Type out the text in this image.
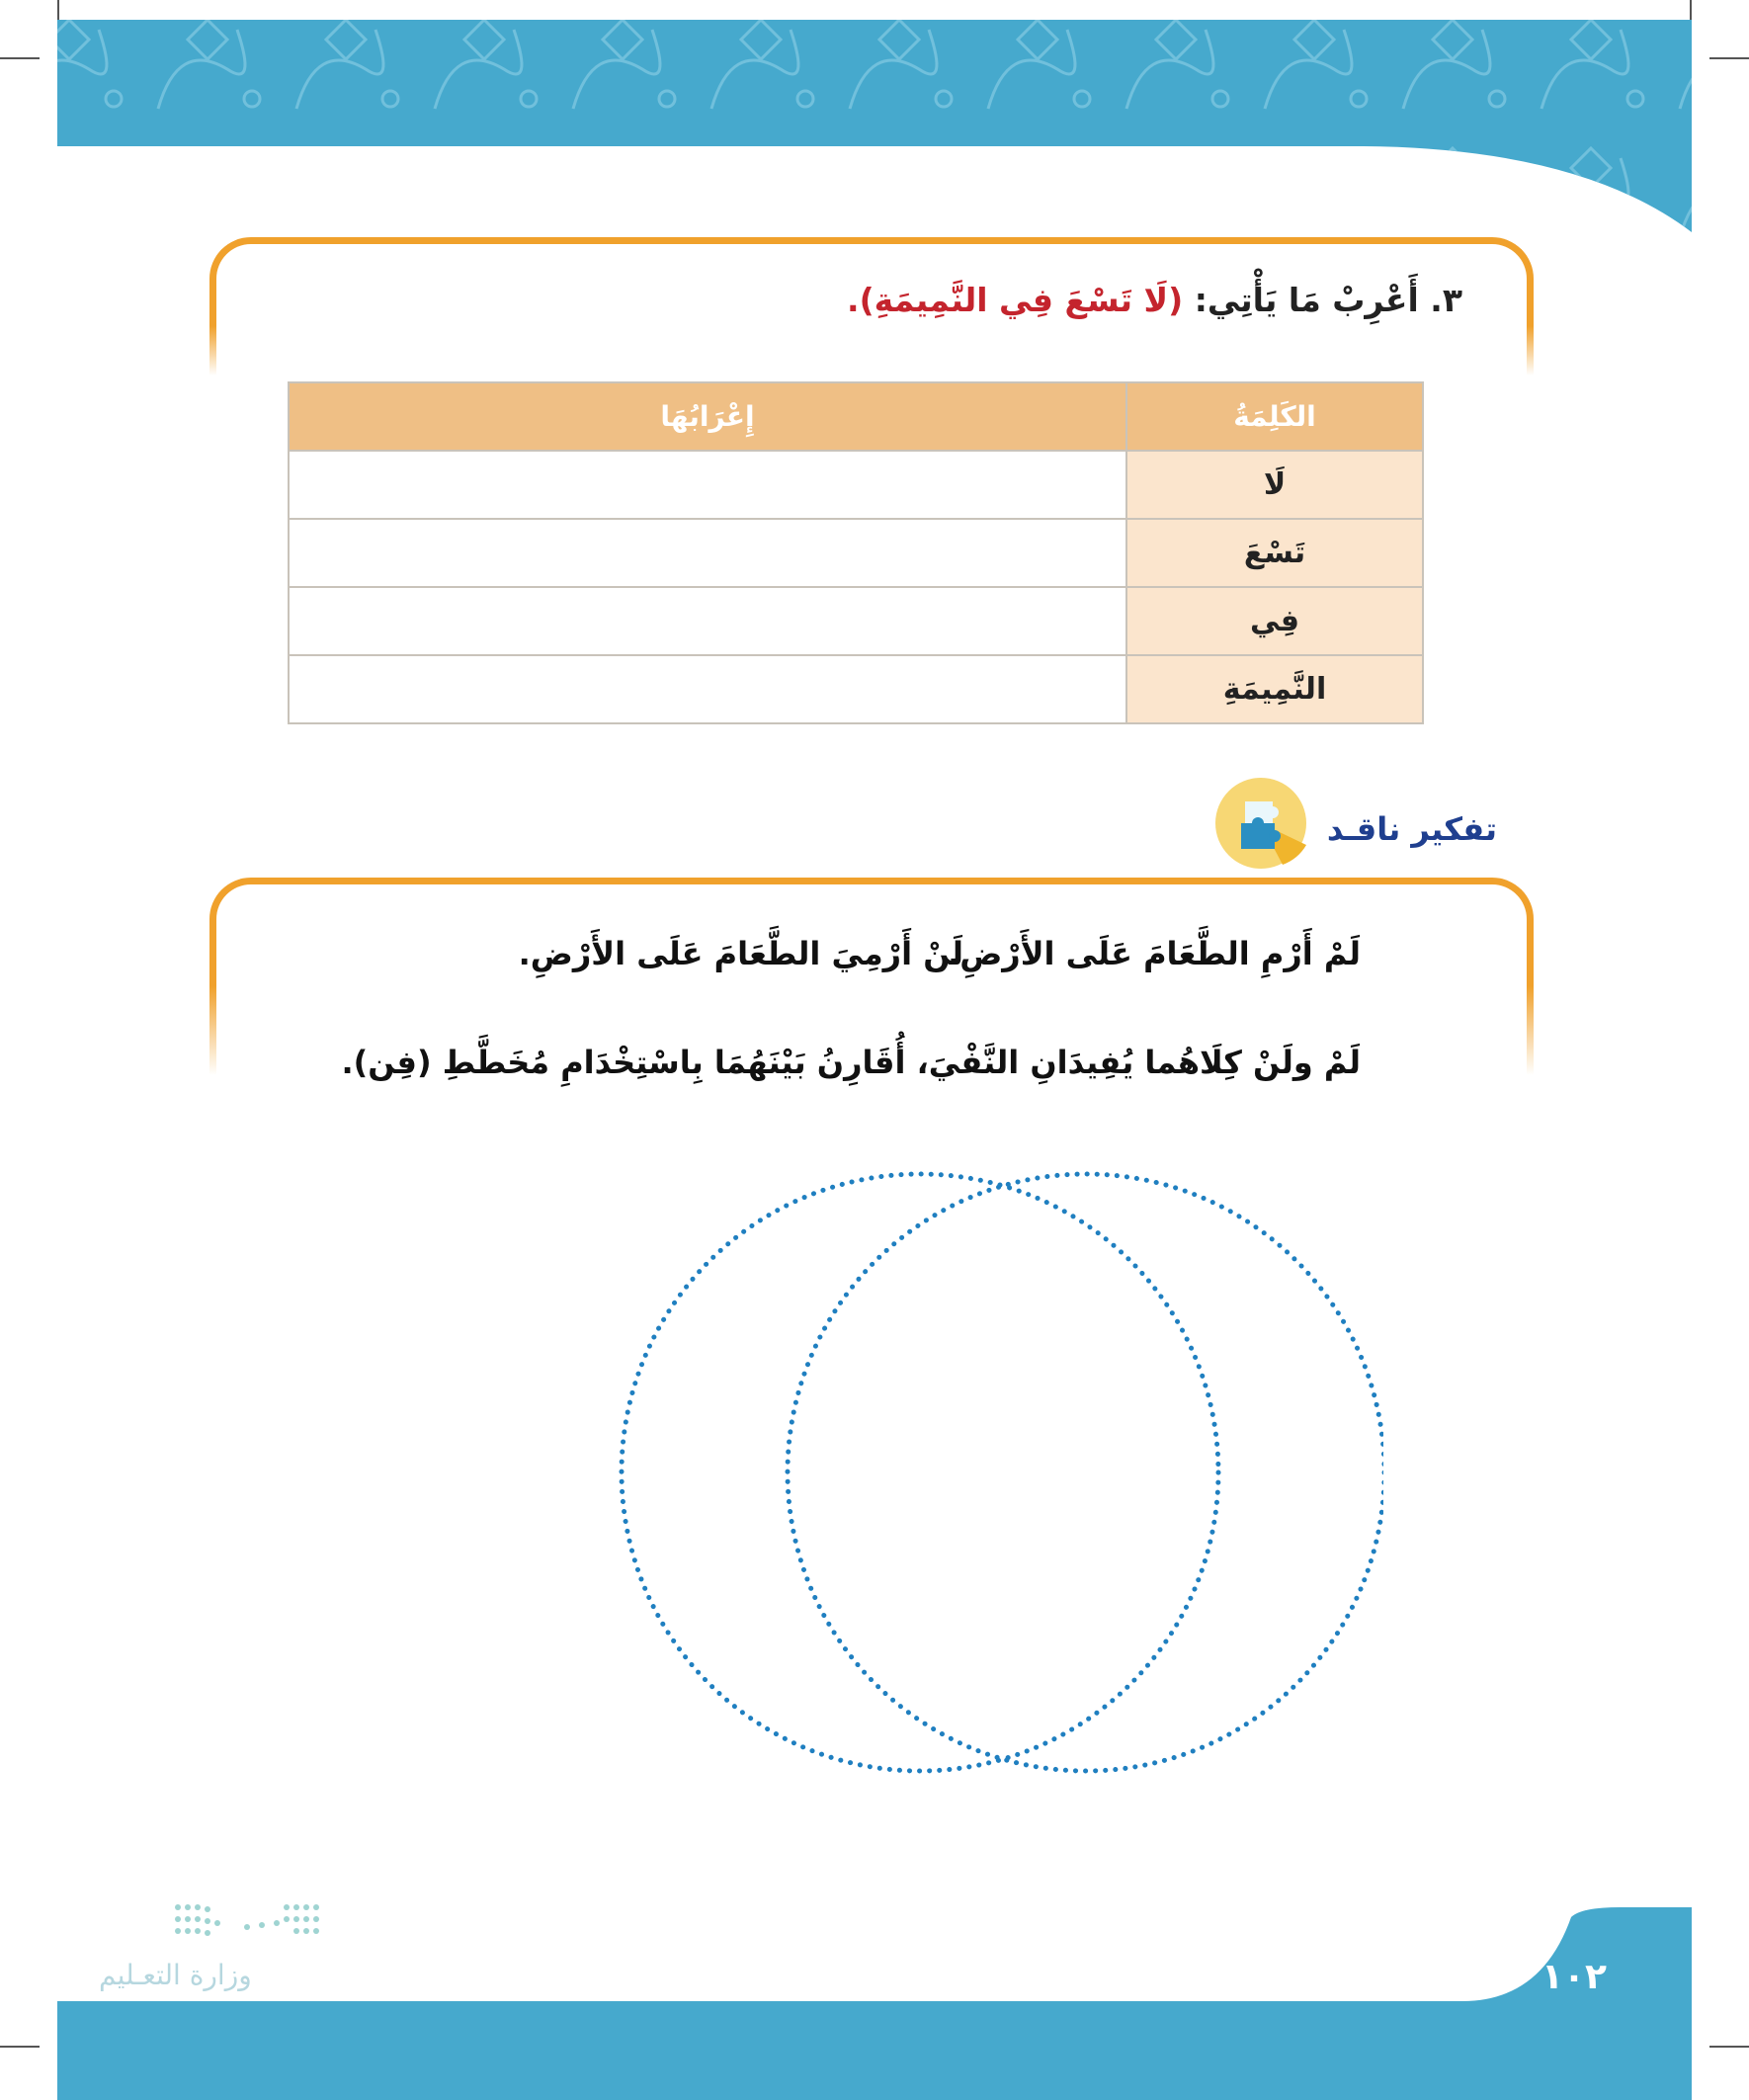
٣. أَعْرِبْ مَا يَأْتِي: (لَا تَسْعَ فِي النَّمِيمَةِ).
الكَلِمَةُ	إِعْرَابُهَا
لَا	
تَسْعَ	
فِي	
النَّمِيمَةِ	
تفكير ناقـد
لَمْ أَرْمِ الطَّعَامَ عَلَى الأَرْضِ.
لَنْ أَرْمِيَ الطَّعَامَ عَلَى الأَرْضِ.
لَمْ ولَنْ كِلَاهُما يُفِيدَانِ النَّفْيَ، أُقَارِنُ بَيْنَهُمَا بِاسْتِخْدَامِ مُخَطَّطِ (فِن).
وزارة التعـليم	١٠٢
